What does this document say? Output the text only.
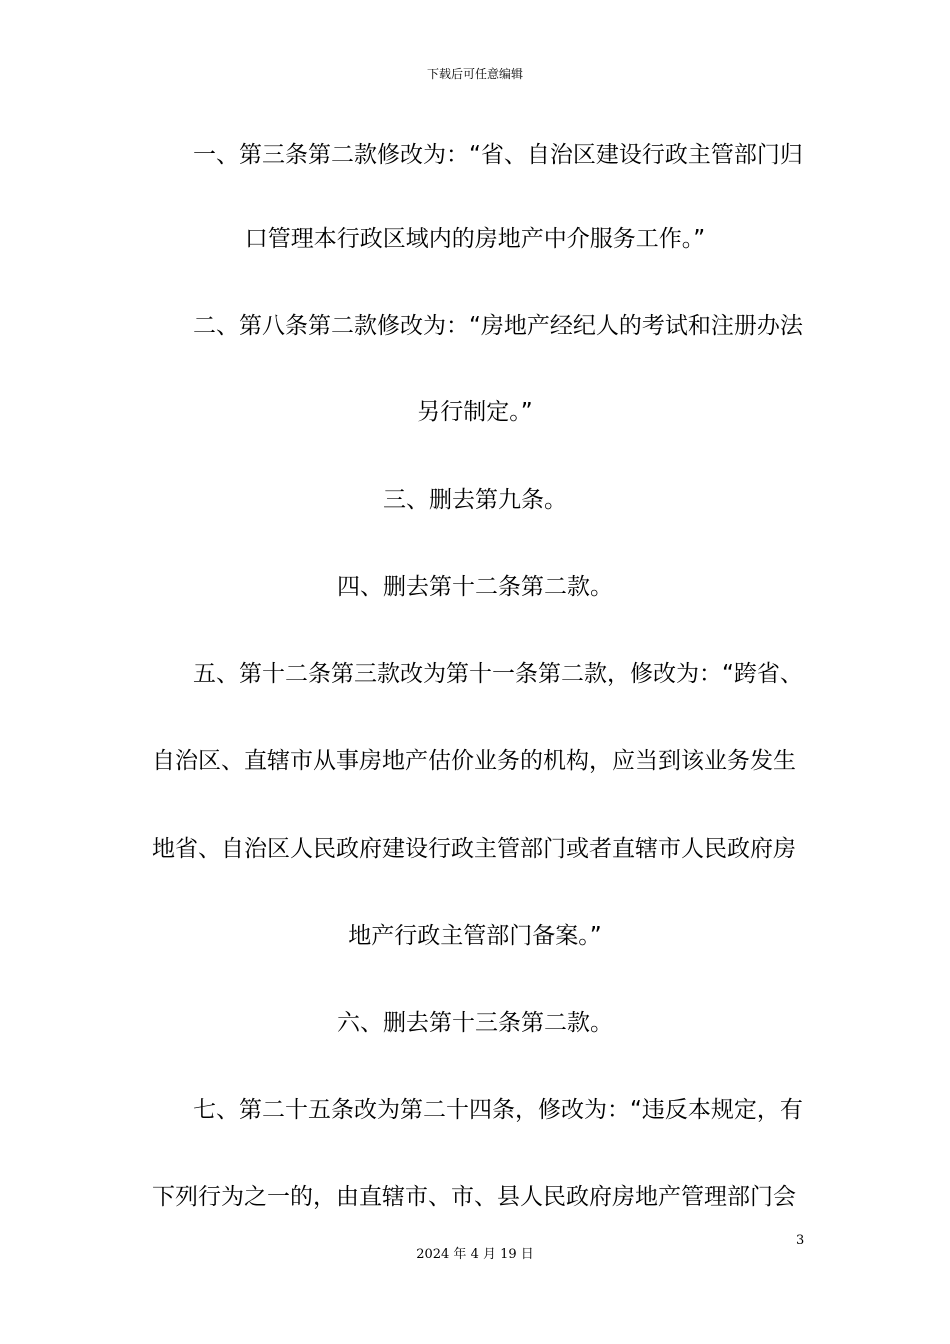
下载后可任意编辑
一、第三条第二款修改为：“省、自治区建设行政主管部门归
口管理本行政区域内的房地产中介服务工作。”
二、第八条第二款修改为：“房地产经纪人的考试和注册办法
另行制定。”
三、删去第九条。
四、删去第十二条第二款。
五、第十二条第三款改为第十一条第二款，修改为：“跨省、
自治区、直辖市从事房地产估价业务的机构，应当到该业务发生
地省、自治区人民政府建设行政主管部门或者直辖市人民政府房
地产行政主管部门备案。”
六、删去第十三条第二款。
七、第二十五条改为第二十四条，修改为：“违反本规定，有
下列行为之一的，由直辖市、市、县人民政府房地产管理部门会
3
2024 年 4 月 19 日
